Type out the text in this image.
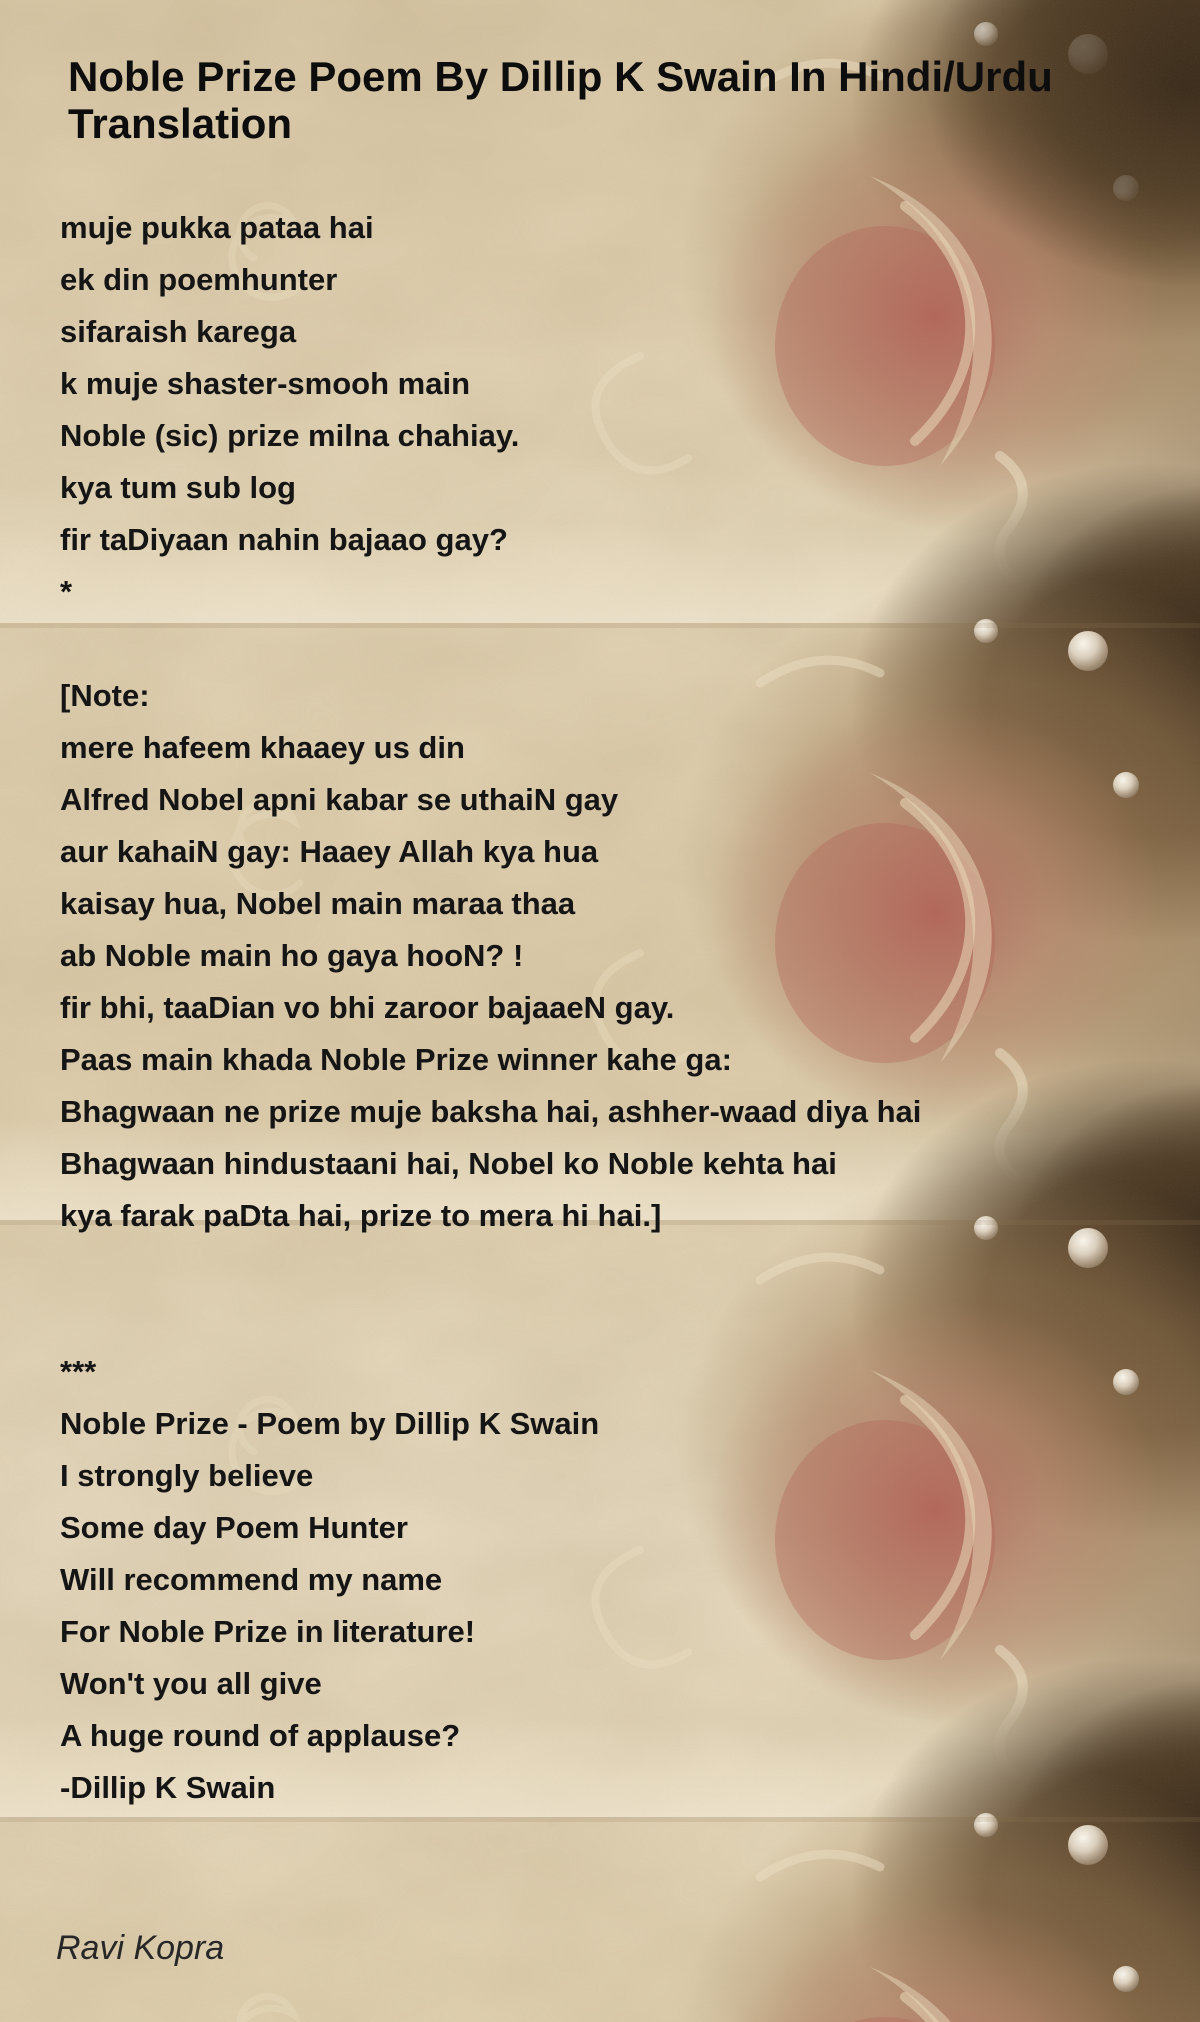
Noble Prize Poem By Dillip K Swain In Hindi/Urdu
Translation
muje pukka pataa hai
ek din poemhunter
sifaraish karega
k muje shaster-smooh main
Noble (sic) prize milna chahiay.
kya tum sub log
fir taDiyaan nahin bajaao gay?
*

[Note:
mere hafeem khaaey us din
Alfred Nobel apni kabar se uthaiN gay
aur kahaiN gay: Haaey Allah kya hua
kaisay hua, Nobel main maraa thaa
ab Noble main ho gaya hooN? !
fir bhi, taaDian vo bhi zaroor bajaaeN gay.
Paas main khada Noble Prize winner kahe ga:
Bhagwaan ne prize muje baksha hai, ashher-waad diya hai
Bhagwaan hindustaani hai, Nobel ko Noble kehta hai
kya farak paDta hai, prize to mera hi hai.]

***
Noble Prize - Poem by Dillip K Swain
I strongly believe
Some day Poem Hunter
Will recommend my name
For Noble Prize in literature!
Won't you all give
A huge round of applause?
-Dillip K Swain
Ravi Kopra
